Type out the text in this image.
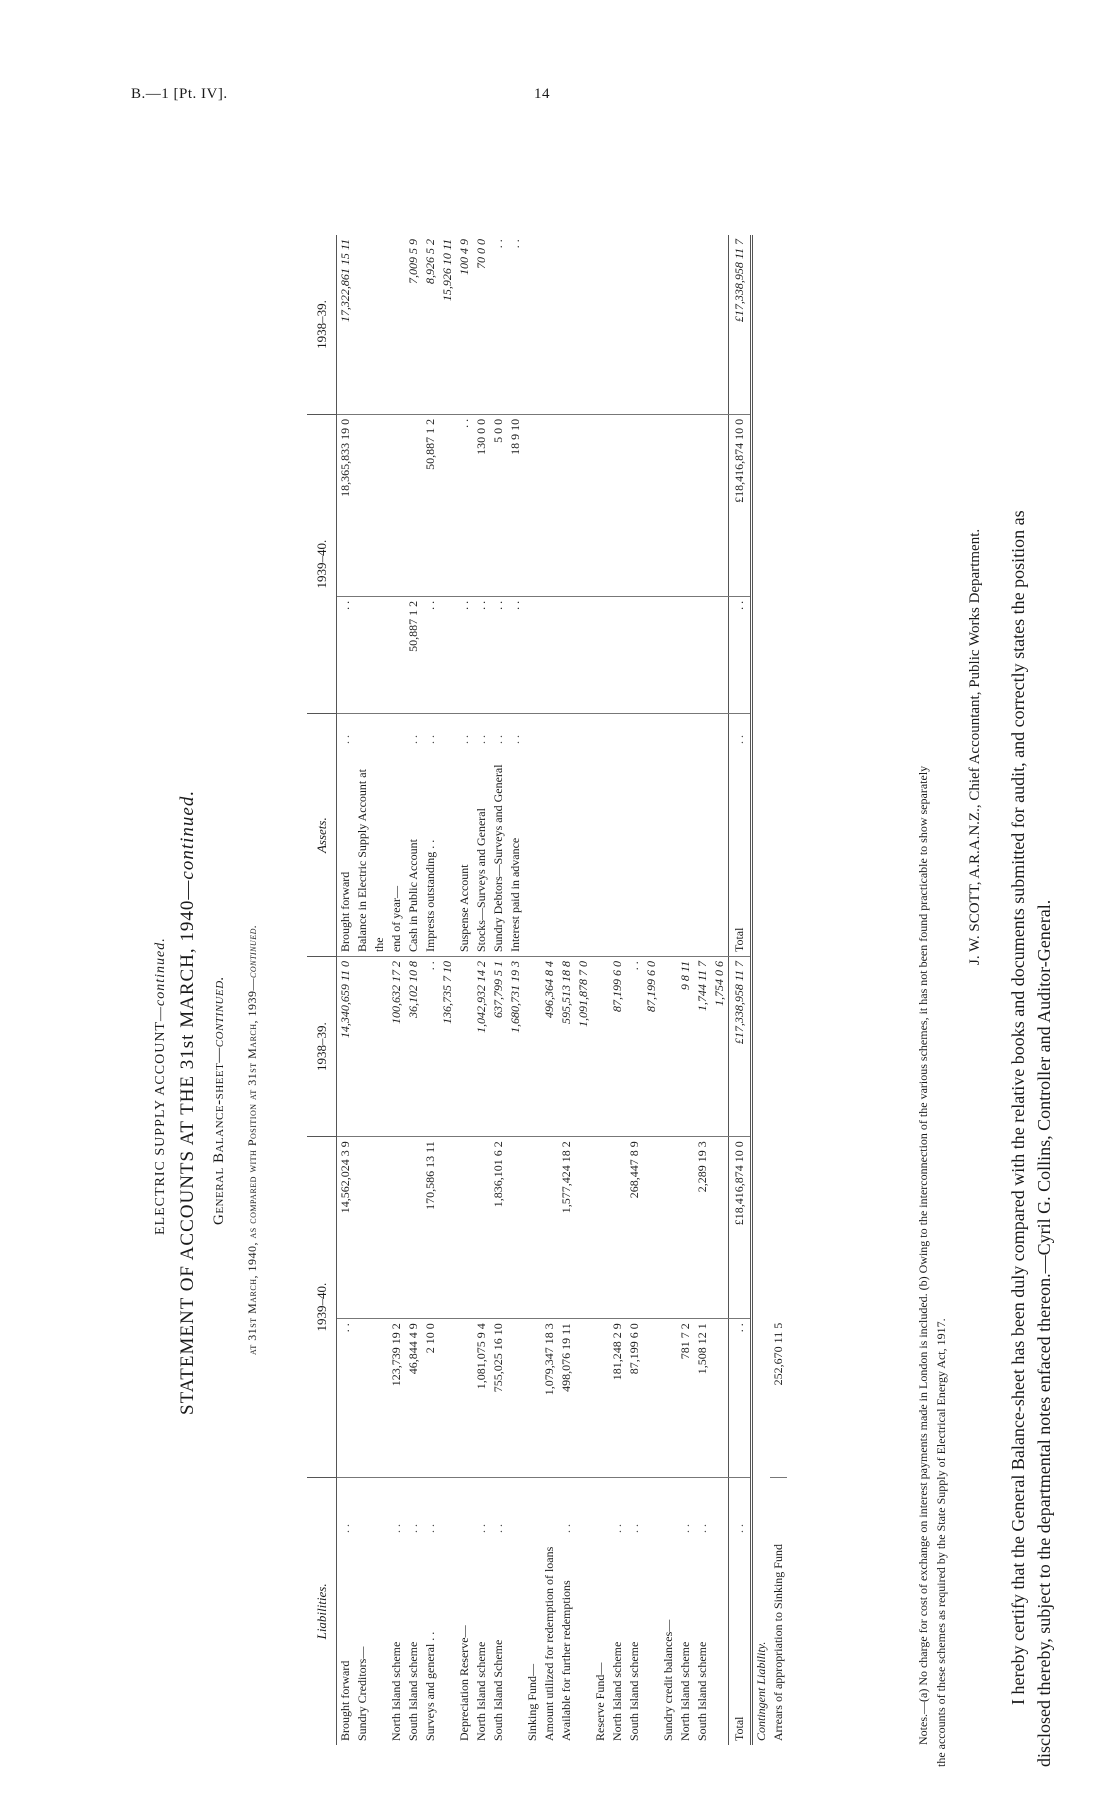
B.—1 [Pt. IV].	14
ELECTRIC SUPPLY ACCOUNT—continued. STATEMENT OF ACCOUNTS AT THE 31st MARCH, 1940—continued.
General Balance-sheet—continued. at 31st March, 1940, as compared with Position at 31st March, 1939—continued.
Liabilities.		1939–40.		1938–39.	Assets.		1939–40.		1938–39.
Brought forward	. .	. .	14,562,024 3 9	14,340,659 11 0	Brought forward	. .	. .	18,365,833 19 0	17,322,861 15 11
Sundry Creditors—					Balance in Electric Supply Account at the				
North Island scheme	. .	123,739 19 2		100,632 17 2	end of year—				
South Island scheme	. .	46,844 4 9		36,102 10 8	Cash in Public Account	. .	50,887 1 2		7,009 5 9
Surveys and general . .	. .	2 10 0	170,586 13 11	. .	Imprests outstanding . .	. .	. .	50,887 1 2	8,926 5 2
				136,735 7 10					15,926 10 11
Depreciation Reserve—					Suspense Account	. .	. .	. .	100 4 9
North Island scheme	. .	1,081,075 9 4		1,042,932 14 2	Stocks—Surveys and General	. .	. .	130 0 0	70 0 0
South Island Scheme	. .	755,025 16 10	1,836,101 6 2	637,799 5 1	Sundry Debtors—Surveys and General	. .	. .	5 0 0	. .
				1,680,731 19 3	Interest paid in advance	. .	. .	18 9 10	. .
Sinking Fund—									
Amount utilized for redemption of loans		1,079,347 18 3		496,364 8 4					
Available for further redemptions	. .	498,076 19 11	1,577,424 18 2	595,513 18 8					
				1,091,878 7 0					
Reserve Fund—									
North Island scheme	. .	181,248 2 9		87,199 6 0					
South Island scheme	. .	87,199 6 0	268,447 8 9	. .					
				87,199 6 0					
Sundry credit balances—									
North Island scheme	. .	781 7 2		9 8 11					
South Island scheme	. .	1,508 12 1	2,289 19 3	1,744 11 7					
				1,754 0 6					
Total	. .	. .	£18,416,874 10 0	£17,338,958 11 7	Total	. .	. .	£18,416,874 10 0	£17,338,958 11 7
Contingent Liability.									
Arrears of appropriation to Sinking Fund		252,670 11 5								Notes.—(a) No charge for cost of exchange on interest payments made in London is included. (b) Owing to the interconnection of the various schemes, it has not been found practicable to show separately the accounts of these schemes as required by the State Supply of Electrical Energy Act, 1917.
J. W. SCOTT, A.R.A.N.Z., Chief Accountant, Public Works Department. I hereby certify that the General Balance-sheet has been duly compared with the relative books and documents submitted for audit, and correctly states the position as disclosed thereby, subject to the departmental notes enfaced thereon.—Cyril G. Collins, Controller and Auditor-General.
